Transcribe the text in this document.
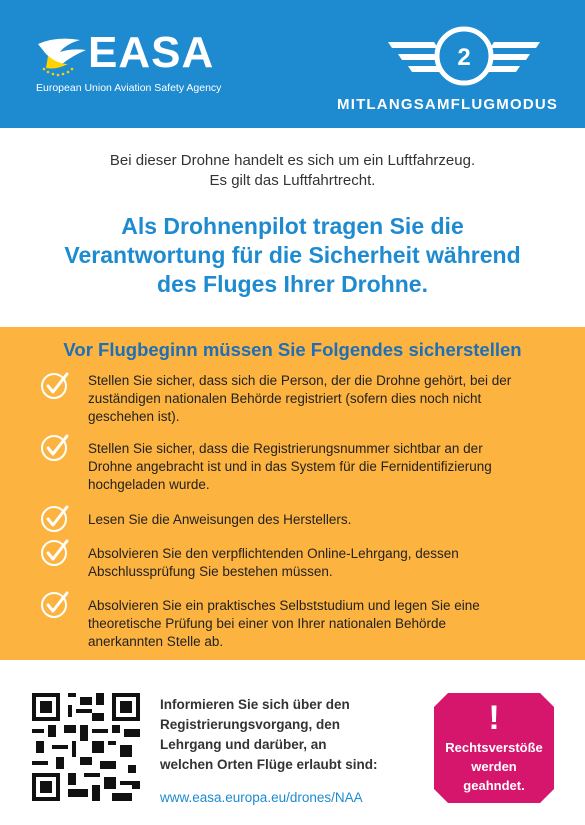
EASA
European Union Aviation Safety Agency
2
MITLANGSAMFLUGMODUS
Bei dieser Drohne handelt es sich um ein Luftfahrzeug.
Es gilt das Luftfahrtrecht.
Als Drohnenpilot tragen Sie die
Verantwortung für die Sicherheit während
des Fluges Ihrer Drohne.
Vor Flugbeginn müssen Sie Folgendes sicherstellen
Stellen Sie sicher, dass sich die Person, der die Drohne gehört, bei der
zuständigen nationalen Behörde registriert (sofern dies noch nicht
geschehen ist).
Stellen Sie sicher, dass die Registrierungsnummer sichtbar an der
Drohne angebracht ist und in das System für die Fernidentifizierung
hochgeladen wurde.
Lesen Sie die Anweisungen des Herstellers.
Absolvieren Sie den verpflichtenden Online-Lehrgang, dessen
Abschlussprüfung Sie bestehen müssen.
Absolvieren Sie ein praktisches Selbststudium und legen Sie eine
theoretische Prüfung bei einer von Ihrer nationalen Behörde
anerkannten Stelle ab.
Informieren Sie sich über den
Registrierungsvorgang, den
Lehrgang und darüber, an
welchen Orten Flüge erlaubt sind:
www.easa.europa.eu/drones/NAA
!
Rechtsverstöße
werden
geahndet.
